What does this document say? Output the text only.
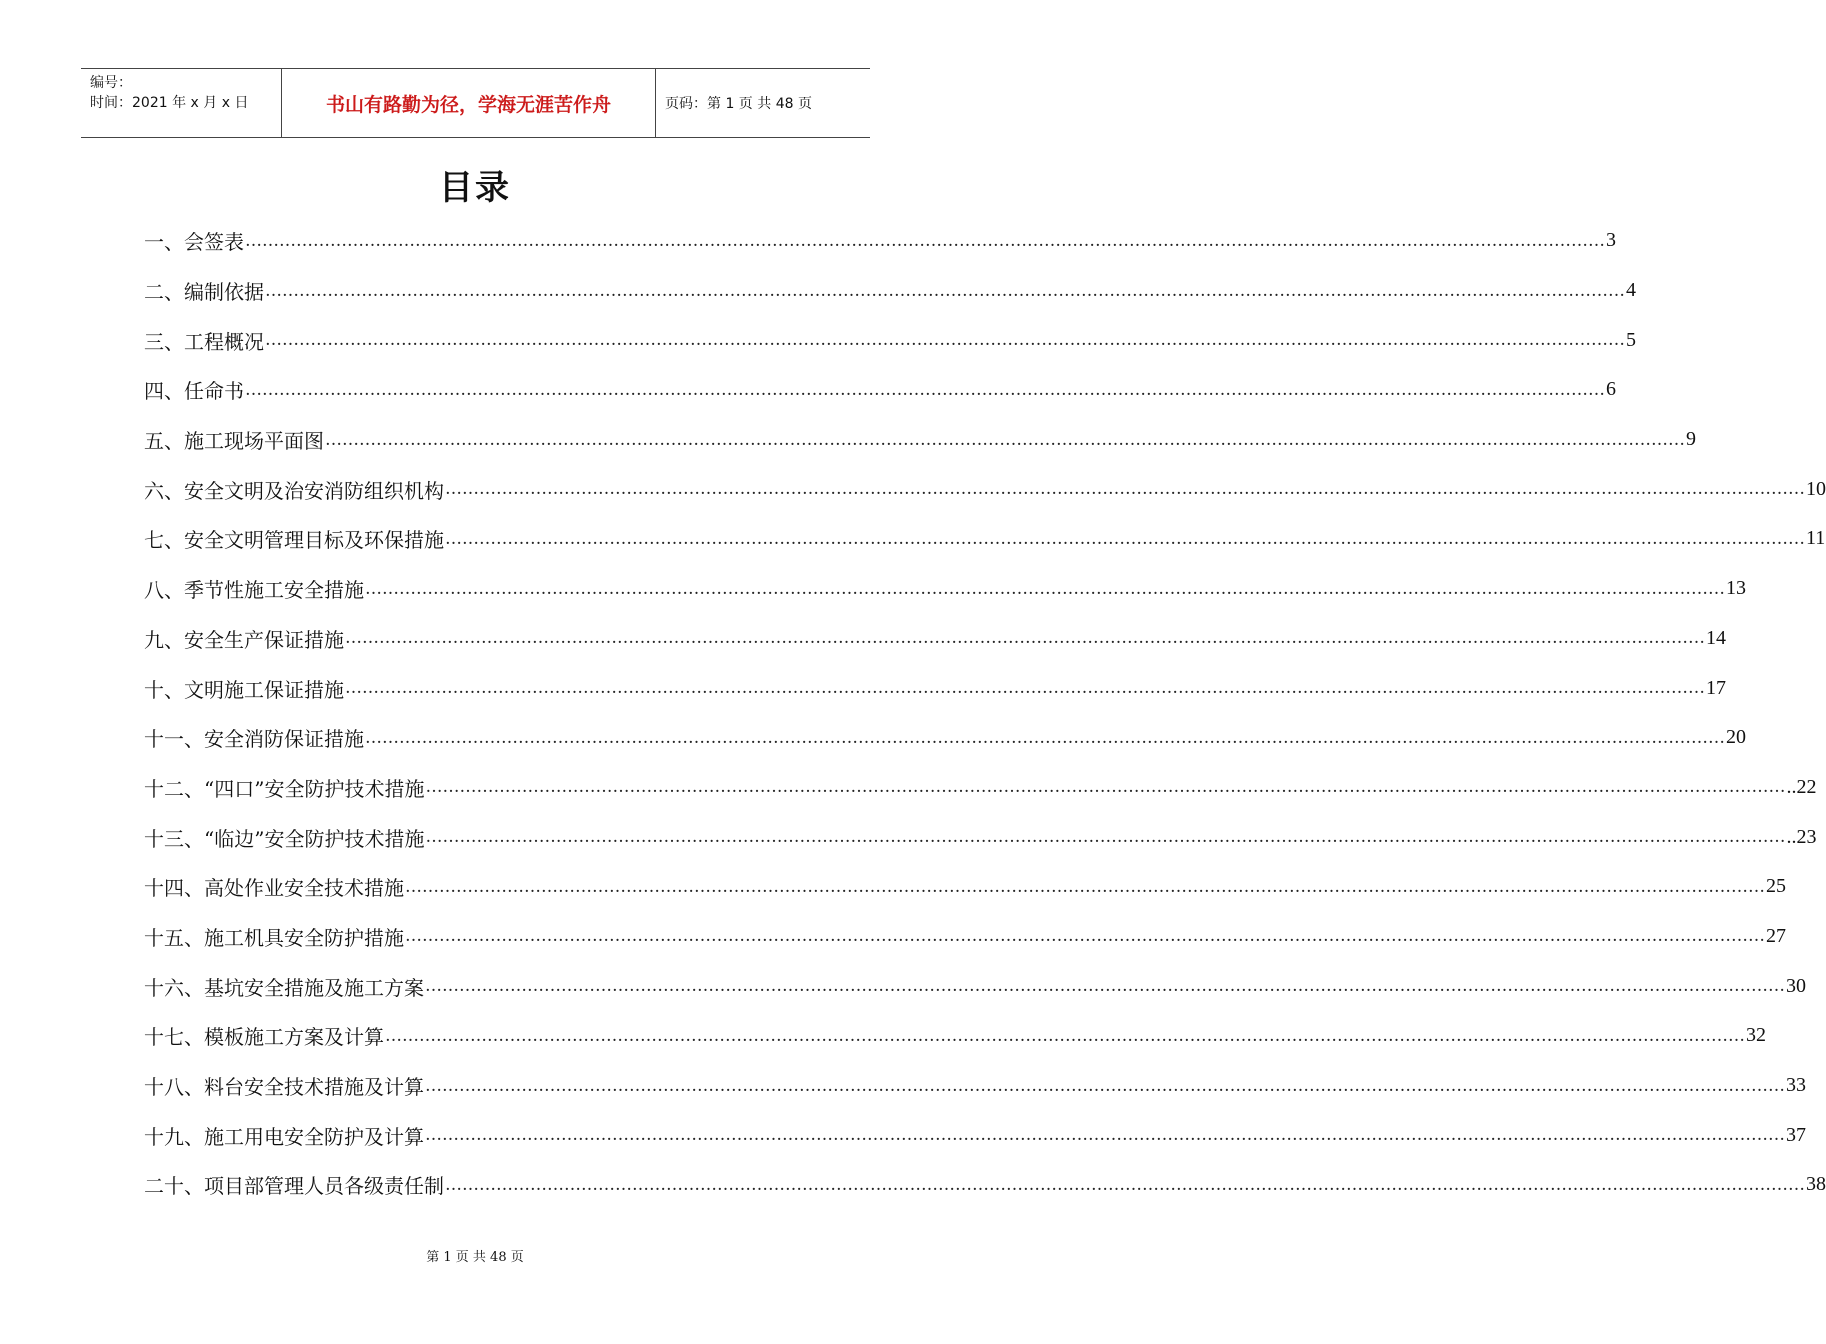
编号：
时间：2021 年 x 月 x 日	书山有路勤为径，学海无涯苦作舟	页码：第 1 页 共 48 页
目录
一、会签表 …………………………………………………………………………………………………………………………………………………………………………………………………………………… 3
二、编制依据 …………………………………………………………………………………………………………………………………………………………………………………………………………………… 4
三、工程概况 …………………………………………………………………………………………………………………………………………………………………………………………………………………… 5
四、任命书 …………………………………………………………………………………………………………………………………………………………………………………………………………………… 6
五、施工现场平面图 …………………………………………………………………………………………………………………………………………………………………………………………………………………… 9
六、安全文明及治安消防组织机构 …………………………………………………………………………………………………………………………………………………………………………………………………………………… 10
七、安全文明管理目标及环保措施 …………………………………………………………………………………………………………………………………………………………………………………………………………………… 11
八、季节性施工安全措施 …………………………………………………………………………………………………………………………………………………………………………………………………………………… 13
九、安全生产保证措施 …………………………………………………………………………………………………………………………………………………………………………………………………………………… 14
十、文明施工保证措施 …………………………………………………………………………………………………………………………………………………………………………………………………………………… 17
十一、安全消防保证措施 …………………………………………………………………………………………………………………………………………………………………………………………………………………… 20
十二、“四口”安全防护技术措施 …………………………………………………………………………………………………………………………………………………………………………………………………………………… ..22
十三、“临边”安全防护技术措施 …………………………………………………………………………………………………………………………………………………………………………………………………………………… ..23
十四、高处作业安全技术措施 …………………………………………………………………………………………………………………………………………………………………………………………………………………… 25
十五、施工机具安全防护措施 …………………………………………………………………………………………………………………………………………………………………………………………………………………… 27
十六、基坑安全措施及施工方案 …………………………………………………………………………………………………………………………………………………………………………………………………………………… 30
十七、模板施工方案及计算 …………………………………………………………………………………………………………………………………………………………………………………………………………………… 32
十八、料台安全技术措施及计算 …………………………………………………………………………………………………………………………………………………………………………………………………………………… 33
十九、施工用电安全防护及计算 …………………………………………………………………………………………………………………………………………………………………………………………………………………… 37
二十、项目部管理人员各级责任制 …………………………………………………………………………………………………………………………………………………………………………………………………………………… 38
第 1 页 共 48 页
